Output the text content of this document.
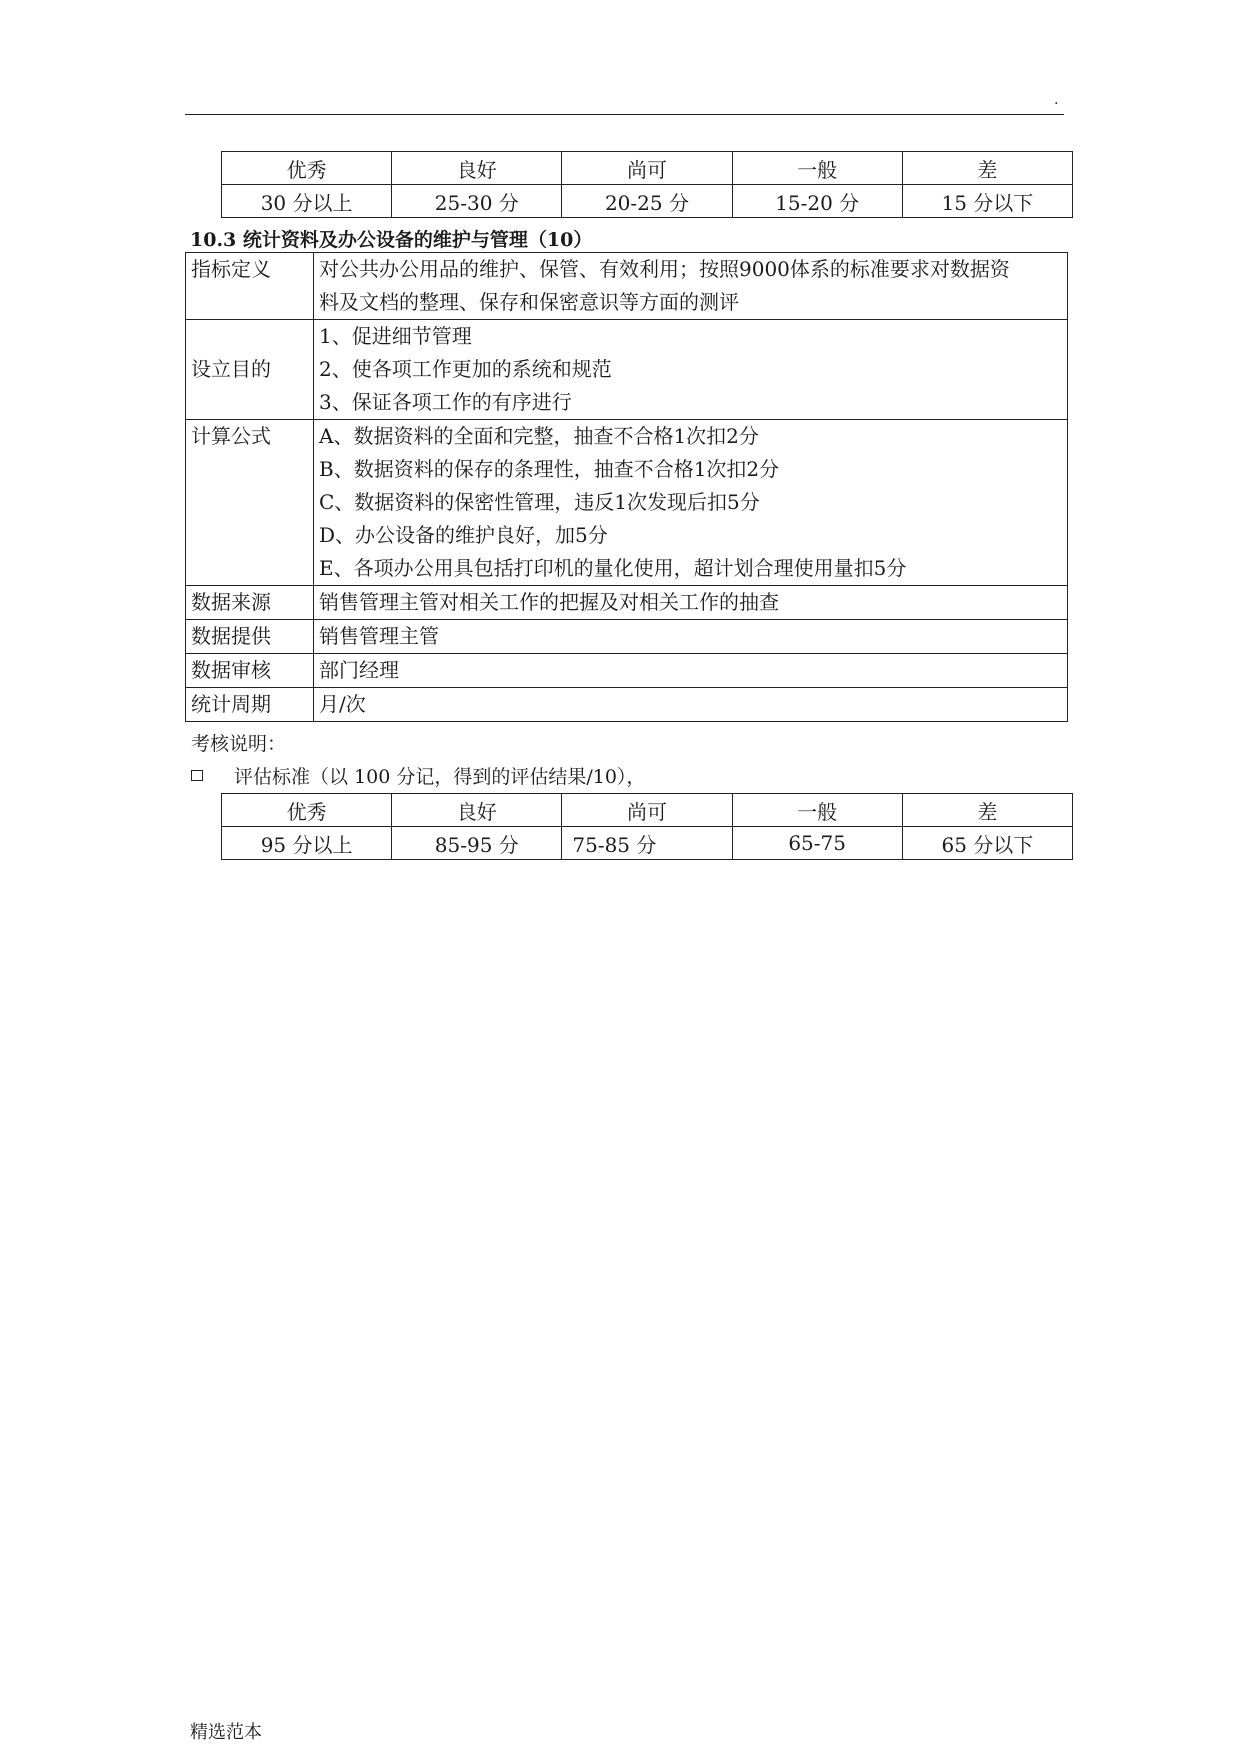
.
优秀	良好	尚可	一般	差
30 分以上	25-30 分	20-25 分	15-20 分	15 分以下
10.3 统计资料及办公设备的维护与管理（10）
指标定义	对公共办公用品的维护、保管、有效利用；按照9000体系的标准要求对数据资
料及文档的整理、保存和保密意识等方面的测评

设立目的	1、促进细节管理
2、使各项工作更加的系统和规范
3、保证各项工作的有序进行

计算公式	A、数据资料的全面和完整，抽查不合格1次扣2分
B、数据资料的保存的条理性，抽查不合格1次扣2分
C、数据资料的保密性管理，违反1次发现后扣5分
D、办公设备的维护良好，加5分
E、各项办公用具包括打印机的量化使用，超计划合理使用量扣5分

数据来源	销售管理主管对相关工作的把握及对相关工作的抽查

数据提供	销售管理主管

数据审核	部门经理

统计周期	月/次
考核说明：
评估标准（以 100 分记，得到的评估结果/10），
优秀	良好	尚可	一般	差
95 分以上	85-95 分	75-85 分	65-75	65 分以下
精选范本
